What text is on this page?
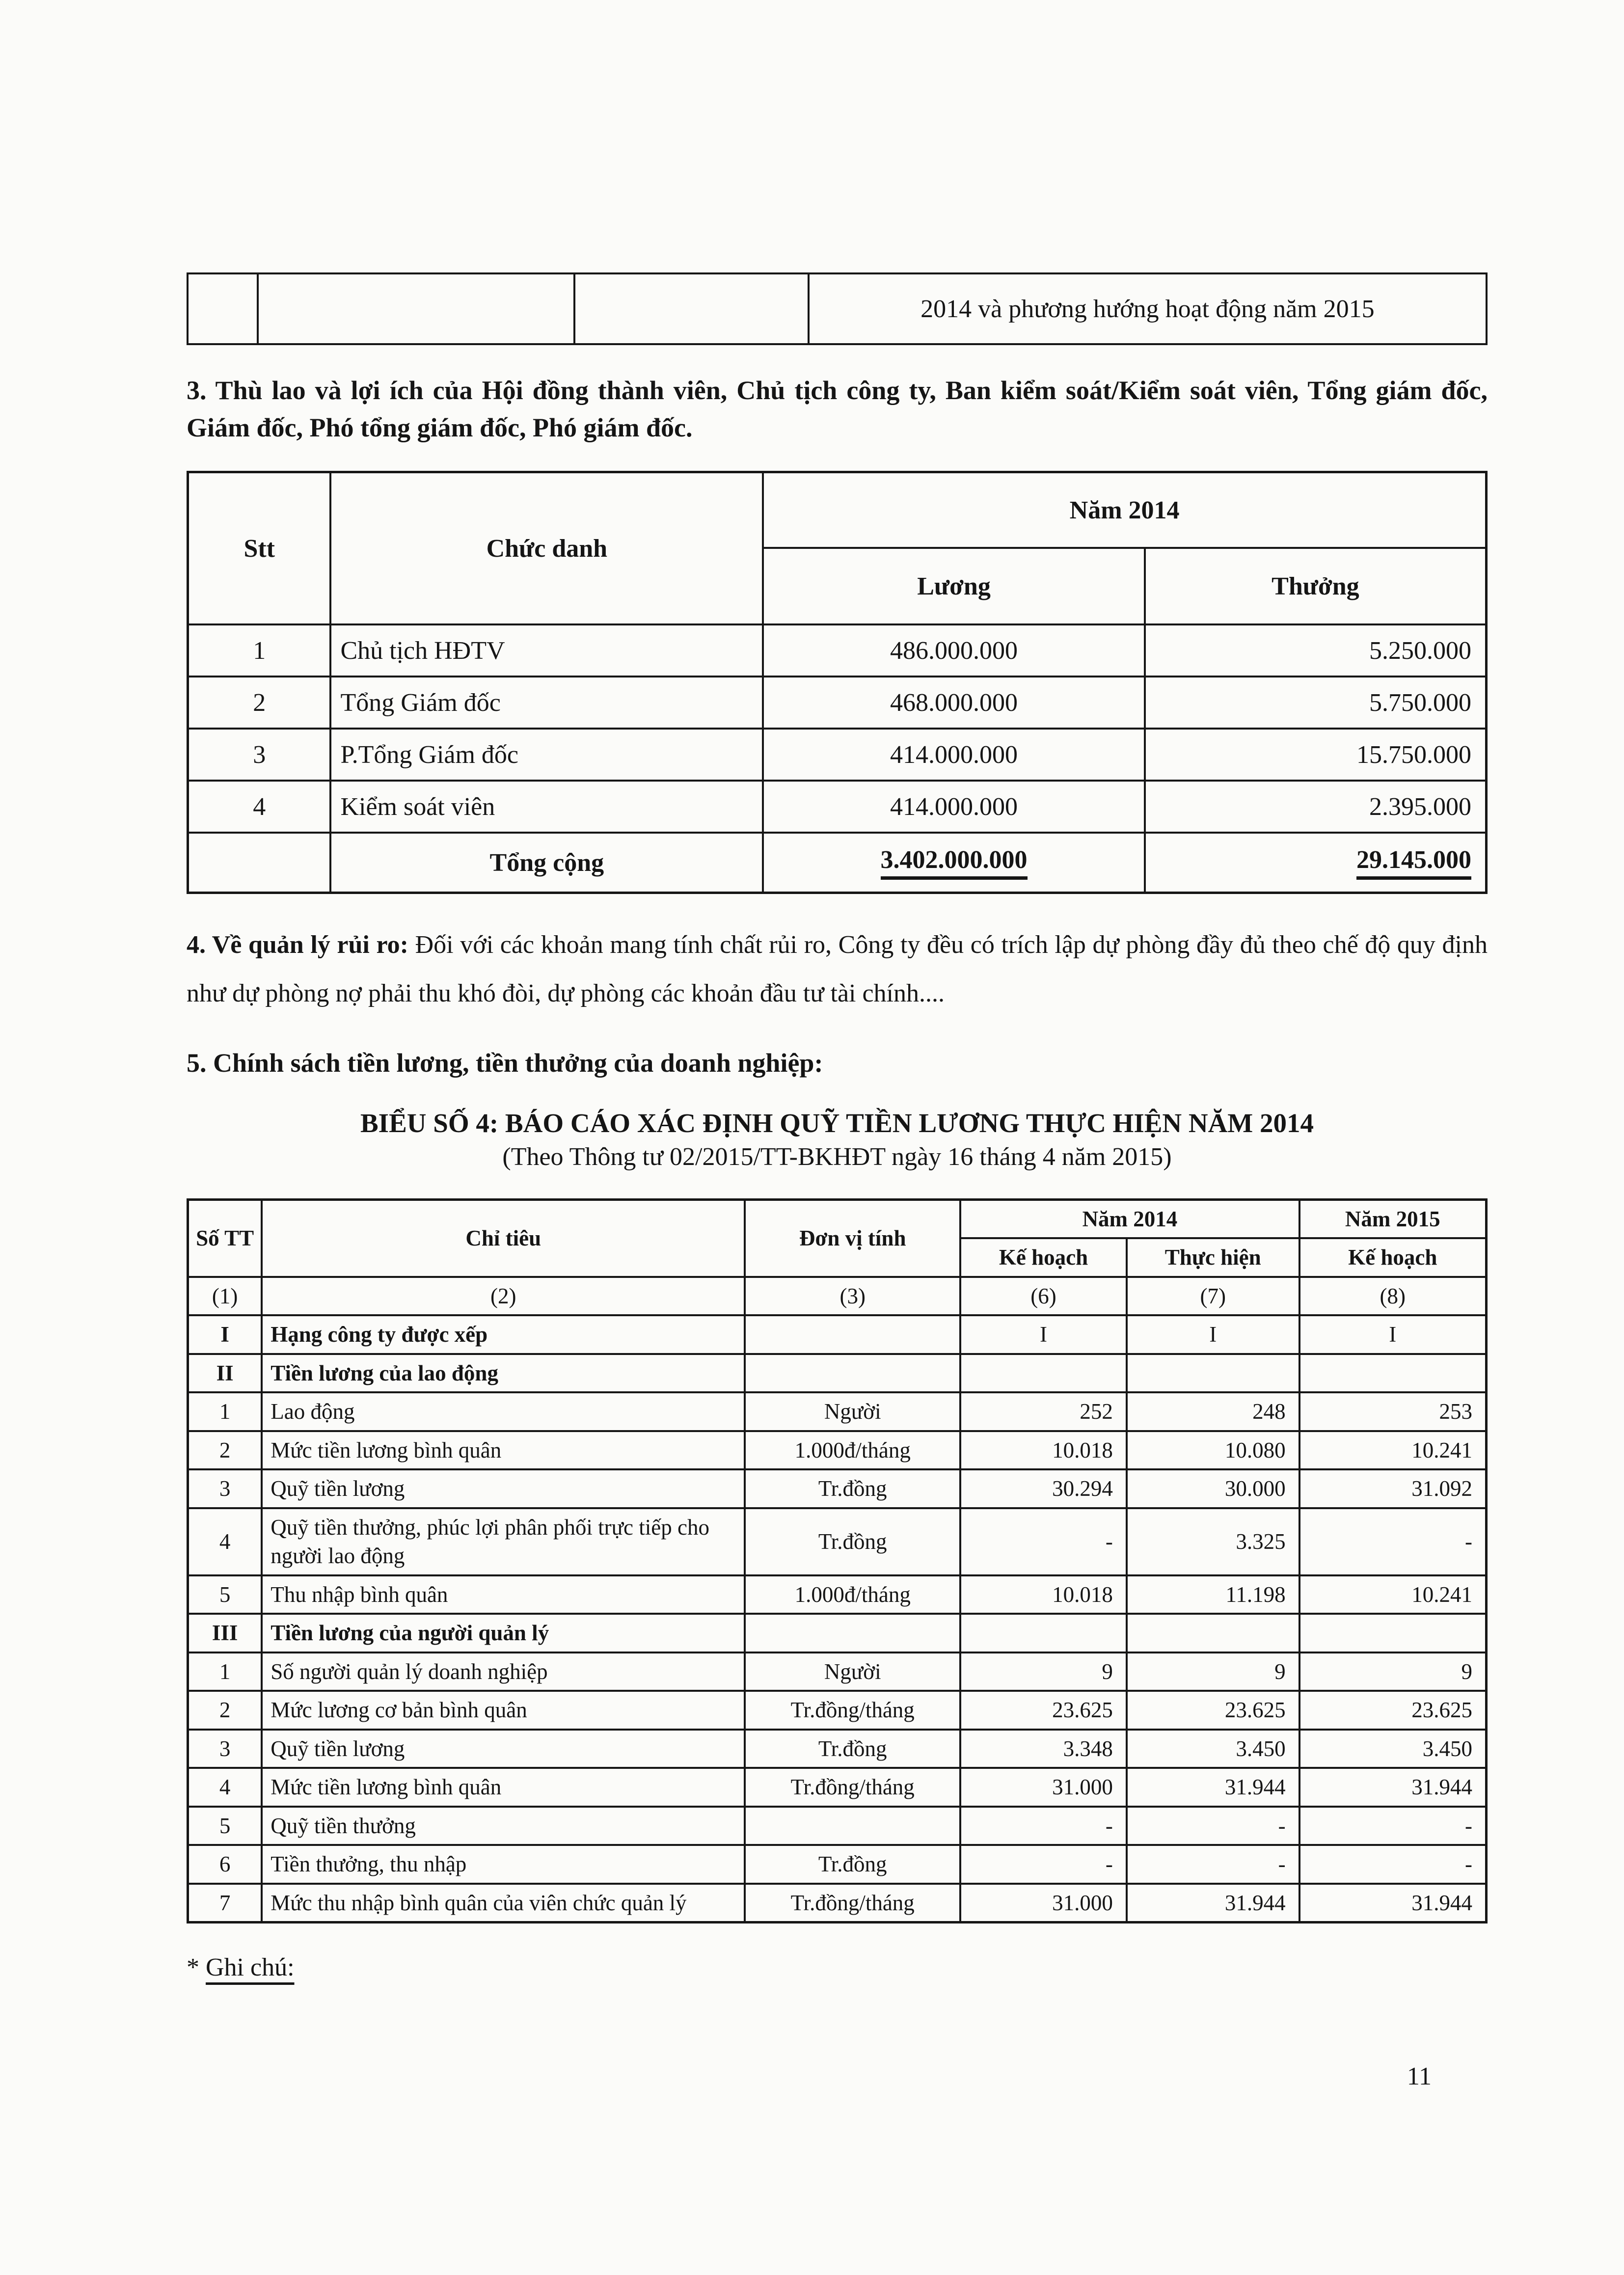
			2014 và phương hướng hoạt động năm 2015

3. Thù lao và lợi ích của Hội đồng thành viên, Chủ tịch công ty, Ban kiểm soát/Kiểm soát viên, Tổng giám đốc, Giám đốc, Phó tổng giám đốc, Phó giám đốc.

Stt	Chức danh	Năm 2014	
		Lương	Thưởng
1	Chủ tịch HĐTV	486.000.000	5.250.000
2	Tổng Giám đốc	468.000.000	5.750.000
3	P.Tổng Giám đốc	414.000.000	15.750.000
4	Kiểm soát viên	414.000.000	2.395.000
	Tổng cộng	3.402.000.000	29.145.000

4. Về quản lý rủi ro: Đối với các khoản mang tính chất rủi ro, Công ty đều có trích lập dự phòng đầy đủ theo chế độ quy định như dự phòng nợ phải thu khó đòi, dự phòng các khoản đầu tư tài chính....

5. Chính sách tiền lương, tiền thưởng của doanh nghiệp:

BIỂU SỐ 4: BÁO CÁO XÁC ĐỊNH QUỸ TIỀN LƯƠNG THỰC HIỆN NĂM 2014

(Theo Thông tư 02/2015/TT-BKHĐT ngày 16 tháng 4 năm 2015)

Số TT	Chỉ tiêu	Đơn vị tính	Năm 2014		Năm 2015
			Kế hoạch	Thực hiện	Kế hoạch
(1)	(2)	(3)	(6)	(7)	(8)
I	Hạng công ty được xếp		I	I	I
II	Tiền lương của lao động				
1	Lao động	Người	252	248	253
2	Mức tiền lương bình quân	1.000đ/tháng	10.018	10.080	10.241
3	Quỹ tiền lương	Tr.đồng	30.294	30.000	31.092
4	Quỹ tiền thưởng, phúc lợi phân phối trực tiếp cho người lao động	Tr.đồng	-	3.325	-
5	Thu nhập bình quân	1.000đ/tháng	10.018	11.198	10.241
III	Tiền lương của người quản lý				
1	Số người quản lý doanh nghiệp	Người	9	9	9
2	Mức lương cơ bản bình quân	Tr.đồng/tháng	23.625	23.625	23.625
3	Quỹ tiền lương	Tr.đồng	3.348	3.450	3.450
4	Mức tiền lương bình quân	Tr.đồng/tháng	31.000	31.944	31.944
5	Quỹ tiền thưởng		-	-	-
6	Tiền thưởng, thu nhập	Tr.đồng	-	-	-
7	Mức thu nhập bình quân của viên chức quản lý	Tr.đồng/tháng	31.000	31.944	31.944

* Ghi chú:

11
